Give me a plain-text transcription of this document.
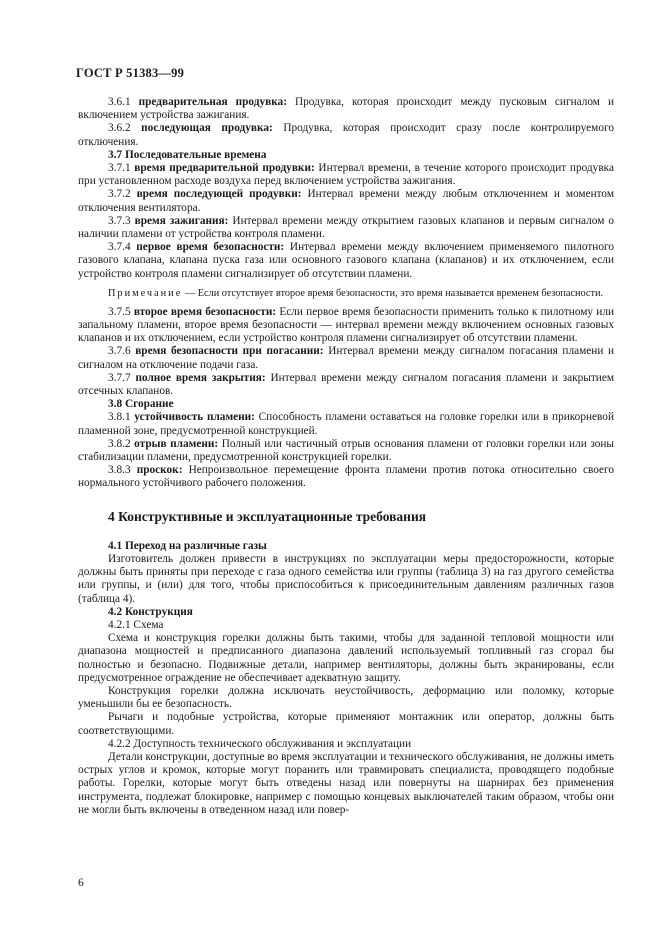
ГОСТ Р 51383—99

3.6.1 предварительная продувка: Продувка, которая происходит между пусковым сигналом и включением устройства зажигания.

3.6.2 последующая продувка: Продувка, которая происходит сразу после контролируемого отключения.

3.7 Последовательные времена

3.7.1 время предварительной продувки: Интервал времени, в течение которого происходит продувка при установленном расходе воздуха перед включением устройства зажигания.

3.7.2 время последующей продувки: Интервал времени между любым отключением и моментом отключения вентилятора.

3.7.3 время зажигания: Интервал времени между открытием газовых клапанов и первым сигналом о наличии пламени от устройства контроля пламени.

3.7.4 первое время безопасности: Интервал времени между включением применяемого пилотного газового клапана, клапана пуска газа или основного газового клапана (клапанов) и их отключением, если устройство контроля пламени сигнализирует об отсутствии пламени.

Примечание — Если отсутствует второе время безопасности, это время называется временем безопасности.

3.7.5 второе время безопасности: Если первое время безопасности применить только к пилотному или запальному пламени, второе время безопасности — интервал времени между включением основных газовых клапанов и их отключением, если устройство контроля пламени сигнализирует об отсутствии пламени.

3.7.6 время безопасности при погасании: Интервал времени между сигналом погасания пламени и сигналом на отключение подачи газа.

3.7.7 полное время закрытия: Интервал времени между сигналом погасания пламени и закрытием отсечных клапанов.

3.8 Сгорание

3.8.1 устойчивость пламени: Способность пламени оставаться на головке горелки или в прикорневой пламенной зоне, предусмотренной конструкцией.

3.8.2 отрыв пламени: Полный или частичный отрыв основания пламени от головки горелки или зоны стабилизации пламени, предусмотренной конструкцией горелки.

3.8.3 проскок: Непроизвольное перемещение фронта пламени против потока относительно своего нормального устойчивого рабочего положения.

4 Конструктивные и эксплуатационные требования

4.1 Переход на различные газы

Изготовитель должен привести в инструкциях по эксплуатации меры предосторожности, которые должны быть приняты при переходе с газа одного семейства или группы (таблица 3) на газ другого семейства или группы, и (или) для того, чтобы приспособиться к присоединительным давлениям различных газов (таблица 4).

4.2 Конструкция

4.2.1 Схема

Схема и конструкция горелки должны быть такими, чтобы для заданной тепловой мощности или диапазона мощностей и предписанного диапазона давлений используемый топливный газ сгорал бы полностью и безопасно. Подвижные детали, например вентиляторы, должны быть экранированы, если предусмотренное ограждение не обеспечивает адекватную защиту.

Конструкция горелки должна исключать неустойчивость, деформацию или поломку, которые уменьшили бы ее безопасность.

Рычаги и подобные устройства, которые применяют монтажник или оператор, должны быть соответствующими.

4.2.2 Доступность технического обслуживания и эксплуатации

Детали конструкции, доступные во время эксплуатации и технического обслуживания, не должны иметь острых углов и кромок, которые могут поранить или травмировать специалиста, проводящего подобные работы. Горелки, которые могут быть отведены назад или повернуты на шарнирах без применения инструмента, подлежат блокировке, например с помощью концевых выключателей таким образом, чтобы они не могли быть включены в отведенном назад или повер-

6
